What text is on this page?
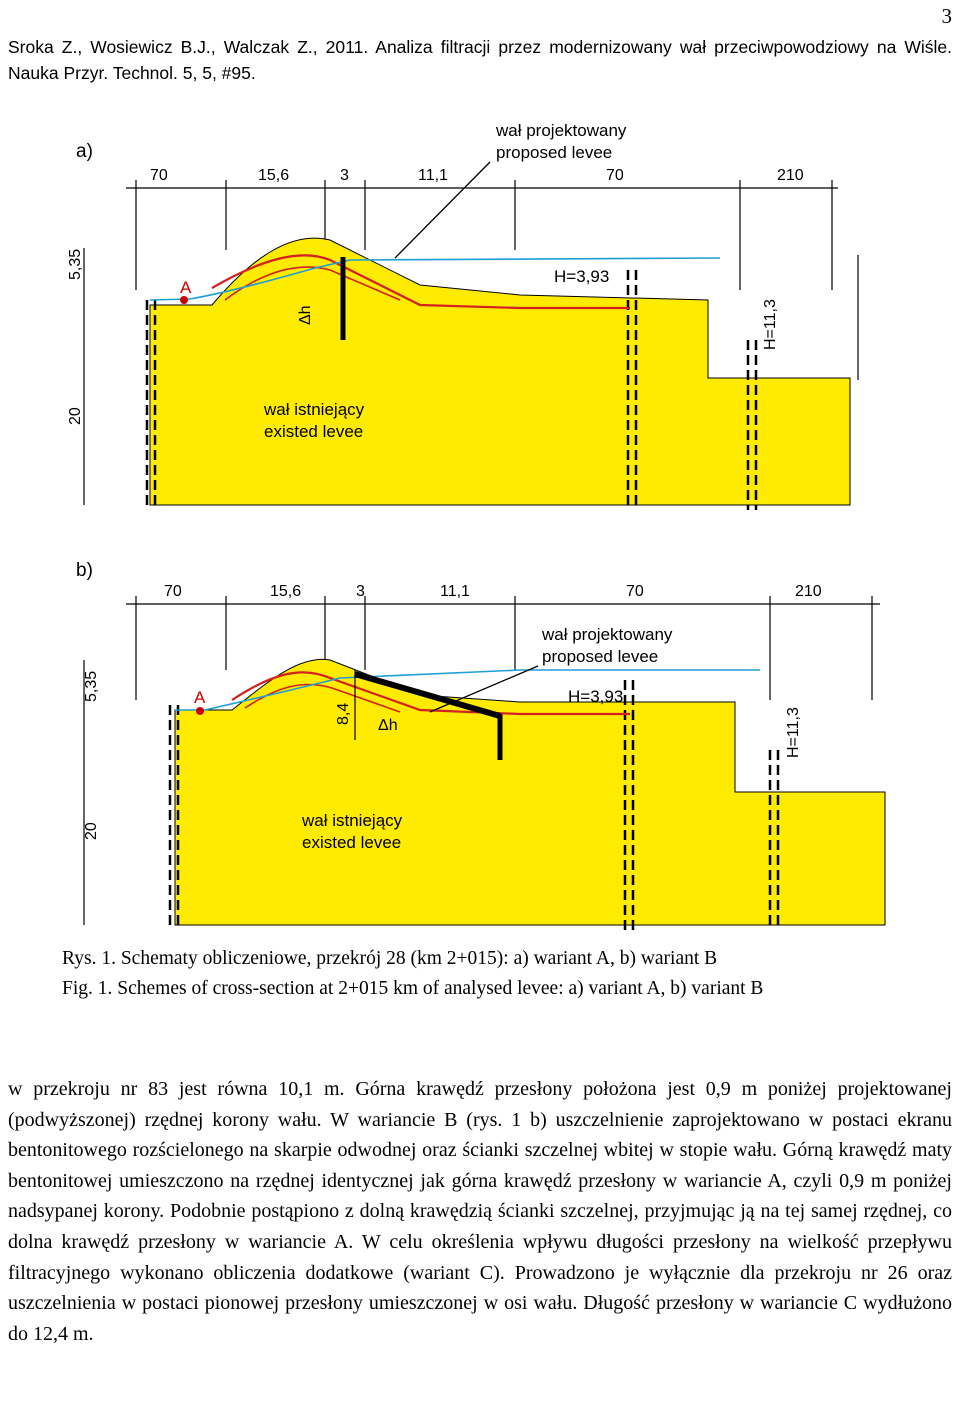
3
Sroka Z., Wosiewicz B.J., Walczak Z., 2011. Analiza filtracji przez modernizowany wał przeciwpowodziowy na Wiśle. Nauka Przyr. Technol. 5, 5, #95.
a)
70	15,6	3	11,1	70	210
A
5,35
20
H=11,3
H=3,93
Δh
wał projektowany
proposed levee
wał istniejący
existed levee
b)
70	15,6	3	11,1	70	210
A
5,35
20
8,4
Δh
H=3,93
H=11,3
wał projektowany
proposed levee
wał istniejący
existed levee
Rys. 1. Schematy obliczeniowe, przekrój 28 (km 2+015): a) wariant A, b) wariant B
Fig. 1. Schemes of cross-section at 2+015 km of analysed levee: a) variant A, b) variant B

w przekroju nr 83 jest równa 10,1 m. Górna krawędź przesłony położona jest 0,9 m poniżej projektowanej (podwyższonej) rzędnej korony wału. W wariancie B (rys. 1 b) uszczelnienie zaprojektowano w postaci ekranu bentonitowego rozścielonego na skarpie odwodnej oraz ścianki szczelnej wbitej w stopie wału. Górną krawędź maty bentonitowej umieszczono na rzędnej identycznej jak górna krawędź przesłony w wariancie A, czyli 0,9 m poniżej nadsypanej korony. Podobnie postąpiono z dolną krawędzią ścianki szczelnej, przyjmując ją na tej samej rzędnej, co dolna krawędź przesłony w wariancie A. W celu określenia wpływu długości przesłony na wielkość przepływu filtracyjnego wykonano obliczenia dodatkowe (wariant C). Prowadzono je wyłącznie dla przekroju nr 26 oraz uszczelnienia w postaci pionowej przesłony umieszczonej w osi wału. Długość przesłony w wariancie C wydłużono do 12,4 m.
